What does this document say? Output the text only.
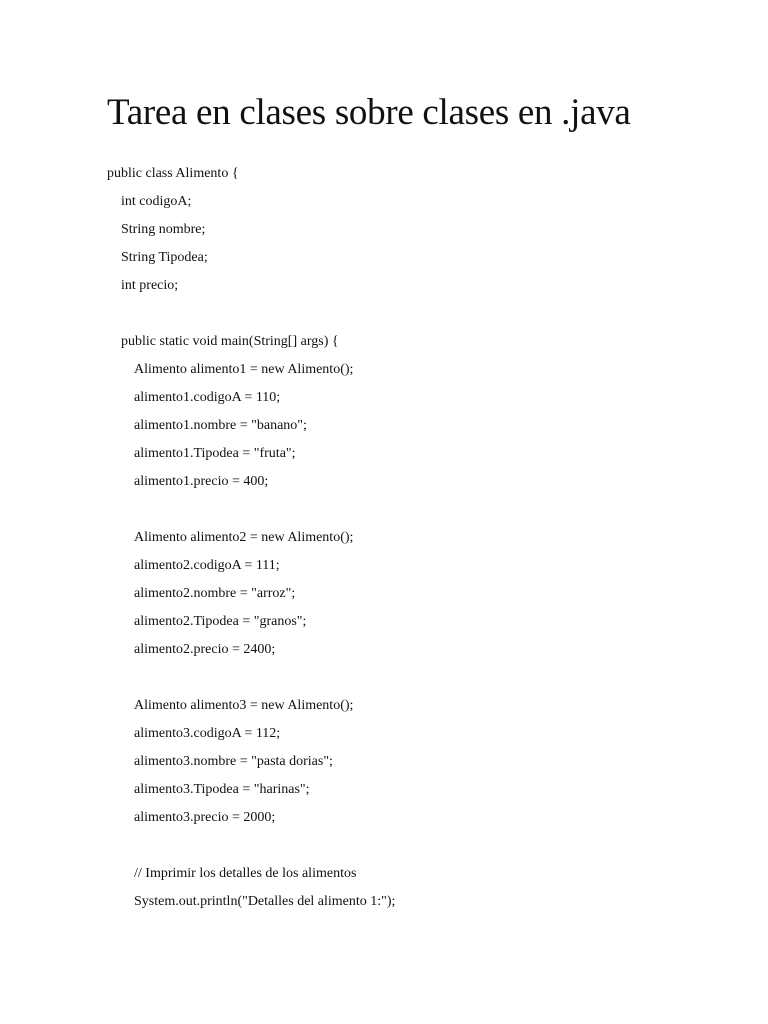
Tarea en clases sobre clases en .java
public class Alimento {
int codigoA;
String nombre;
String Tipodea;
int precio;
public static void main(String[] args) {
Alimento alimento1 = new Alimento();
alimento1.codigoA = 110;
alimento1.nombre = "banano";
alimento1.Tipodea = "fruta";
alimento1.precio = 400;
Alimento alimento2 = new Alimento();
alimento2.codigoA = 111;
alimento2.nombre = "arroz";
alimento2.Tipodea = "granos";
alimento2.precio = 2400;
Alimento alimento3 = new Alimento();
alimento3.codigoA = 112;
alimento3.nombre = "pasta dorias";
alimento3.Tipodea = "harinas";
alimento3.precio = 2000;
// Imprimir los detalles de los alimentos
System.out.println("Detalles del alimento 1:");
